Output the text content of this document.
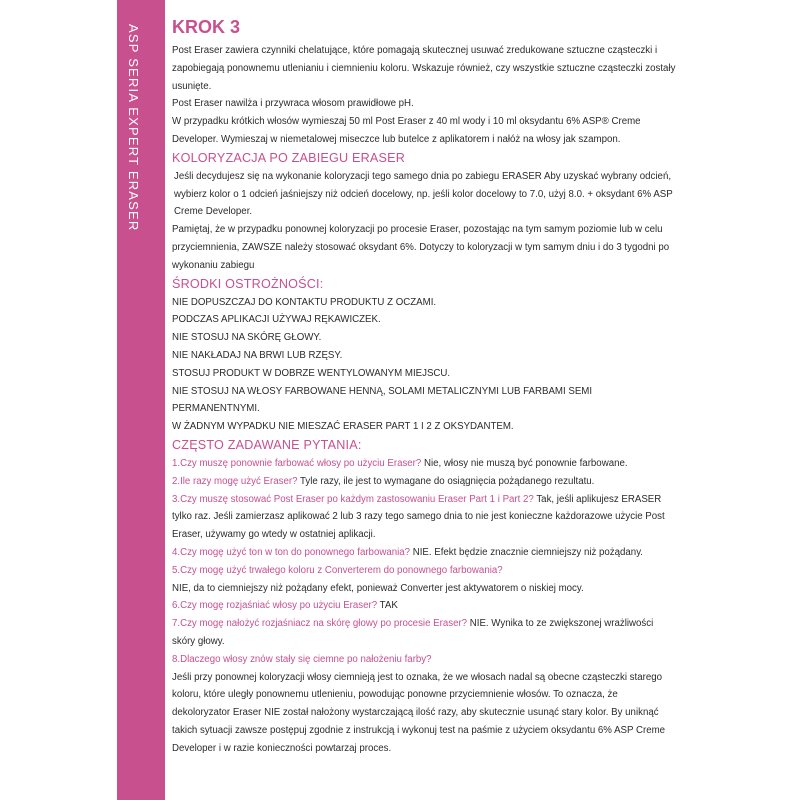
ASP SERIA EXPERT ERASER KROK 3

Post Eraser zawiera czynniki chelatujące, które pomagają skutecznej usuwać zredukowane sztuczne cząsteczki i zapobiegają ponownemu utlenianiu i ciemnieniu koloru. Wskazuje również, czy wszystkie sztuczne cząsteczki zostały usunięte.

Post Eraser nawilża i przywraca włosom prawidłowe pH.

W przypadku krótkich włosów wymieszaj 50 ml Post Eraser z 40 ml wody i 10 ml oksydantu 6% ASP® Creme Developer. Wymieszaj w niemetalowej miseczce lub butelce z aplikatorem i nałóż na włosy jak szampon.

KOLORYZACJA PO ZABIEGU ERASER

Jeśli decydujesz się na wykonanie koloryzacji tego samego dnia po zabiegu ERASER Aby uzyskać wybrany odcień, wybierz kolor o 1 odcień jaśniejszy niż odcień docelowy, np. jeśli kolor docelowy to 7.0, użyj 8.0. + oksydant 6% ASP Creme Developer.

Pamiętaj, że w przypadku ponownej koloryzacji po procesie Eraser, pozostając na tym samym poziomie lub w celu przyciemnienia, ZAWSZE należy stosować oksydant 6%. Dotyczy to koloryzacji w tym samym dniu i do 3 tygodni po wykonaniu zabiegu

ŚRODKI OSTROŻNOŚCI:

NIE DOPUSZCZAJ DO KONTAKTU PRODUKTU Z OCZAMI.

PODCZAS APLIKACJI UŻYWAJ RĘKAWICZEK.

NIE STOSUJ NA SKÓRĘ GŁOWY.

NIE NAKŁADAJ NA BRWI LUB RZĘSY.

STOSUJ PRODUKT W DOBRZE WENTYLOWANYM MIEJSCU.

NIE STOSUJ NA WŁOSY FARBOWANE HENNĄ, SOLAMI METALICZNYMI LUB FARBAMI SEMI PERMANENTNYMI.

W ŻADNYM WYPADKU NIE MIESZAĆ ERASER PART 1 I 2 Z OKSYDANTEM.

CZĘSTO ZADAWANE PYTANIA:

1.Czy muszę ponownie farbować włosy po użyciu Eraser? Nie, włosy nie muszą być ponownie farbowane.

2.Ile razy mogę użyć Eraser? Tyle razy, ile jest to wymagane do osiągnięcia pożądanego rezultatu.

3.Czy muszę stosować Post Eraser po każdym zastosowaniu Eraser Part 1 i Part 2? Tak, jeśli aplikujesz ERASER tylko raz. Jeśli zamierzasz aplikować 2 lub 3 razy tego samego dnia to nie jest konieczne każdorazowe użycie Post Eraser, używamy go wtedy w ostatniej aplikacji.

4.Czy mogę użyć ton w ton do ponownego farbowania? NIE. Efekt będzie znacznie ciemniejszy niż pożądany.

5.Czy mogę użyć trwałego koloru z Converterem do ponownego farbowania?
NIE, da to ciemniejszy niż pożądany efekt, ponieważ Converter jest aktywatorem o niskiej mocy.

6.Czy mogę rozjaśniać włosy po użyciu Eraser? TAK

7.Czy mogę nałożyć rozjaśniacz na skórę głowy po procesie Eraser? NIE. Wynika to ze zwiększonej wrażliwości skóry głowy.

8.Dlaczego włosy znów stały się ciemne po nałożeniu farby?
Jeśli przy ponownej koloryzacji włosy ciemnieją jest to oznaka, że we włosach nadal są obecne cząsteczki starego koloru, które uległy ponownemu utlenieniu, powodując ponowne przyciemnienie włosów. To oznacza, że dekoloryzator Eraser NIE został nałożony wystarczającą ilość razy, aby skutecznie usunąć stary kolor. By uniknąć takich sytuacji zawsze postępuj zgodnie z instrukcją i wykonuj test na paśmie z użyciem oksydantu 6% ASP Creme Developer i w razie konieczności powtarzaj proces.
